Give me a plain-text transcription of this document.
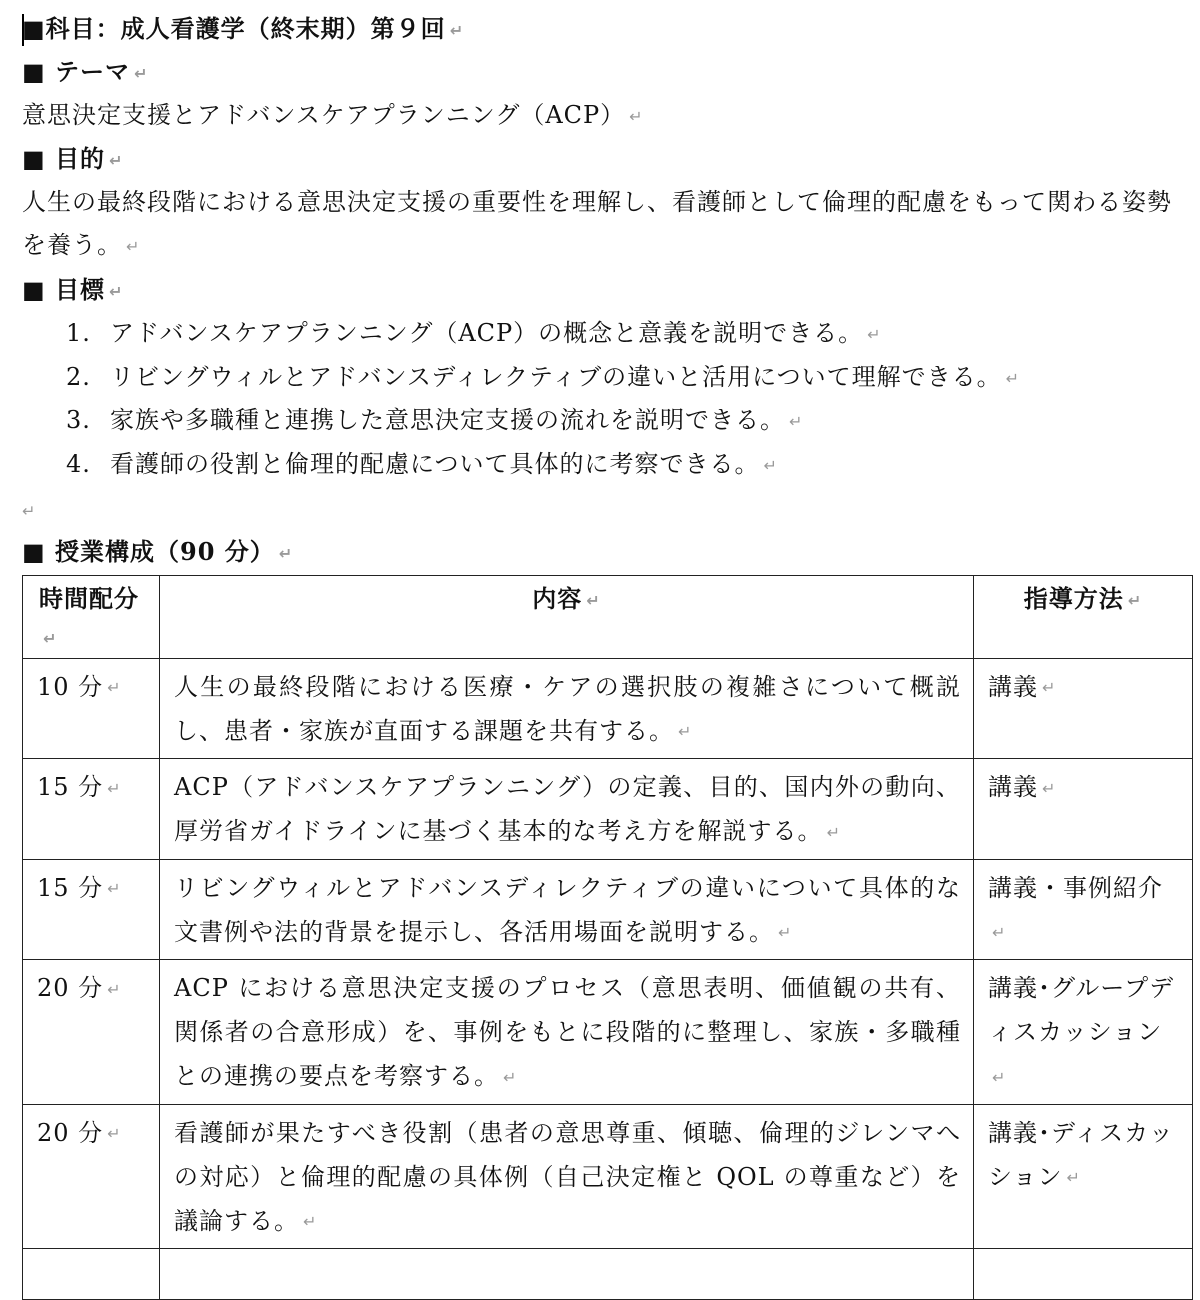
■科目：成人看護学（終末期）第９回 ↵
■ テーマ ↵
意思決定支援とアドバンスケアプランニング（ACP） ↵
■ 目的 ↵
人生の最終段階における意思決定支援の重要性を理解し、看護師として倫理的配慮をもって関わる姿勢
を養う。 ↵
■ 目標 ↵
1. アドバンスケアプランニング（ACP）の概念と意義を説明できる。 ↵
2. リビングウィルとアドバンスディレクティブの違いと活用について理解できる。 ↵
3. 家族や多職種と連携した意思決定支援の流れを説明できる。 ↵
4. 看護師の役割と倫理的配慮について具体的に考察できる。 ↵
↵
■ 授業構成（90 分） ↵
時間配分↵	内容 ↵	指導方法 ↵
10 分 ↵	人生の最終段階における医療・ケアの選択肢の複雑さについて概説し、患者・家族が直面する課題を共有する。 ↵	講義 ↵
15 分 ↵	ACP（アドバンスケアプランニング）の定義、目的、国内外の動向、厚労省ガイドラインに基づく基本的な考え方を解説する。 ↵	講義 ↵
15 分 ↵	リビングウィルとアドバンスディレクティブの違いについて具体的な文書例や法的背景を提示し、各活用場面を説明する。 ↵	講義・事例紹介↵
20 分 ↵	ACP における意思決定支援のプロセス（意思表明、価値観の共有、関係者の合意形成）を、事例をもとに段階的に整理し、家族・多職種との連携の要点を考察する。 ↵	講義･グループディスカッション↵
20 分 ↵	看護師が果たすべき役割（患者の意思尊重、傾聴、倫理的ジレンマへの対応）と倫理的配慮の具体例（自己決定権と QOL の尊重など）を議論する。 ↵	講義･ディスカッション ↵
